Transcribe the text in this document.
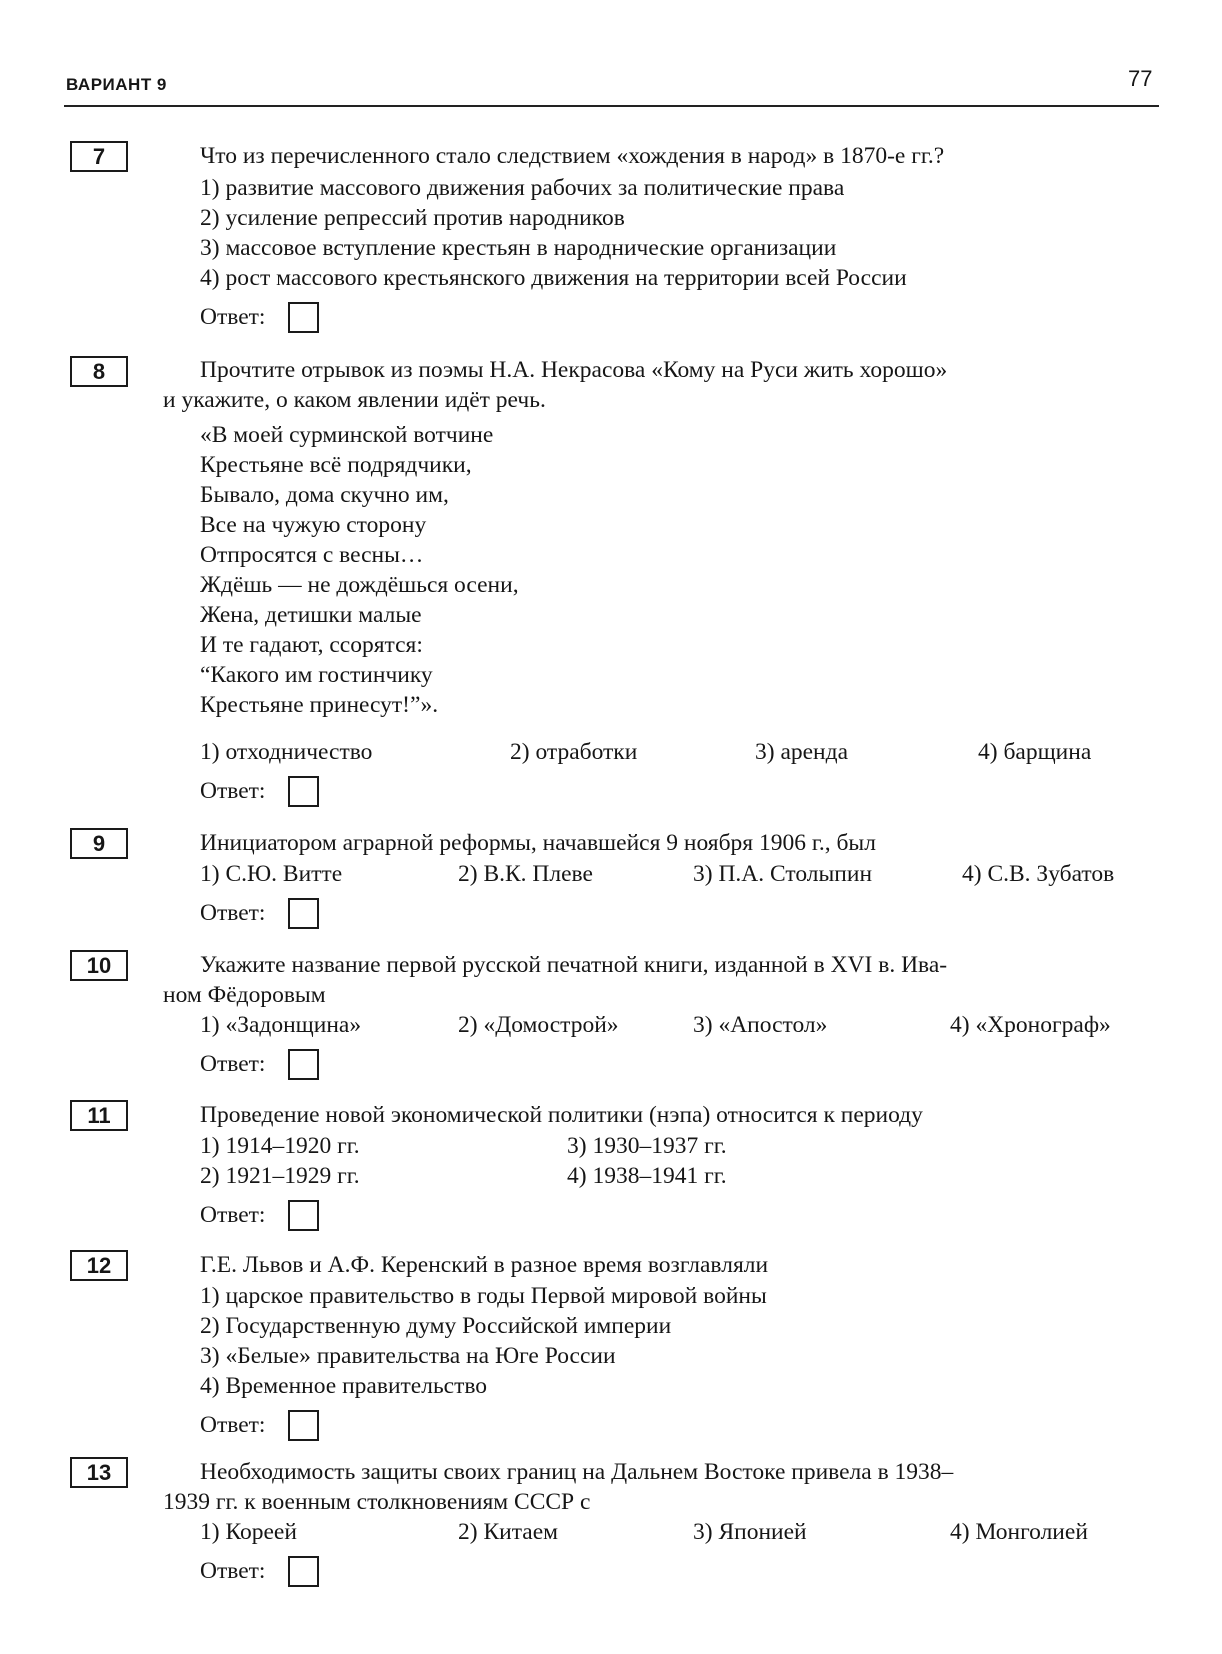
ВАРИАНТ 9	77
7	Что из перечисленного стало следствием «хождения в народ» в 1870-е гг.?
1) развитие массового движения рабочих за политические права
2) усиление репрессий против народников
3) массовое вступление крестьян в народнические организации
4) рост массового крестьянского движения на территории всей России
Ответ:
8	Прочтите отрывок из поэмы Н.А. Некрасова «Кому на Руси жить хорошо»
и укажите, о каком явлении идёт речь.
«В моей сурминской вотчине
Крестьяне всё подрядчики,
Бывало, дома скучно им,
Все на чужую сторону
Отпросятся с весны…
Ждёшь — не дождёшься осени,
Жена, детишки малые
И те гадают, ссорятся:
“Какого им гостинчику
Крестьяне принесут!”».
1) отходничество	2) отработки	3) аренда	4) барщина
Ответ:
9	Инициатором аграрной реформы, начавшейся 9 ноября 1906 г., был
1) С.Ю. Витте	2) В.К. Плеве	3) П.А. Столыпин	4) С.В. Зубатов
Ответ:
10	Укажите название первой русской печатной книги, изданной в XVI в. Ива-
ном Фёдоровым
1) «Задонщина»	2) «Домострой»	3) «Апостол»	4) «Хронограф»
Ответ:
11	Проведение новой экономической политики (нэпа) относится к периоду
1) 1914–1920 гг.
2) 1921–1929 гг.
3) 1930–1937 гг.
4) 1938–1941 гг.
Ответ:
12	Г.Е. Львов и А.Ф. Керенский в разное время возглавляли
1) царское правительство в годы Первой мировой войны
2) Государственную думу Российской империи
3) «Белые» правительства на Юге России
4) Временное правительство
Ответ:
13	Необходимость защиты своих границ на Дальнем Востоке привела в 1938–
1939 гг. к военным столкновениям СССР с
1) Кореей	2) Китаем	3) Японией	4) Монголией
Ответ:
